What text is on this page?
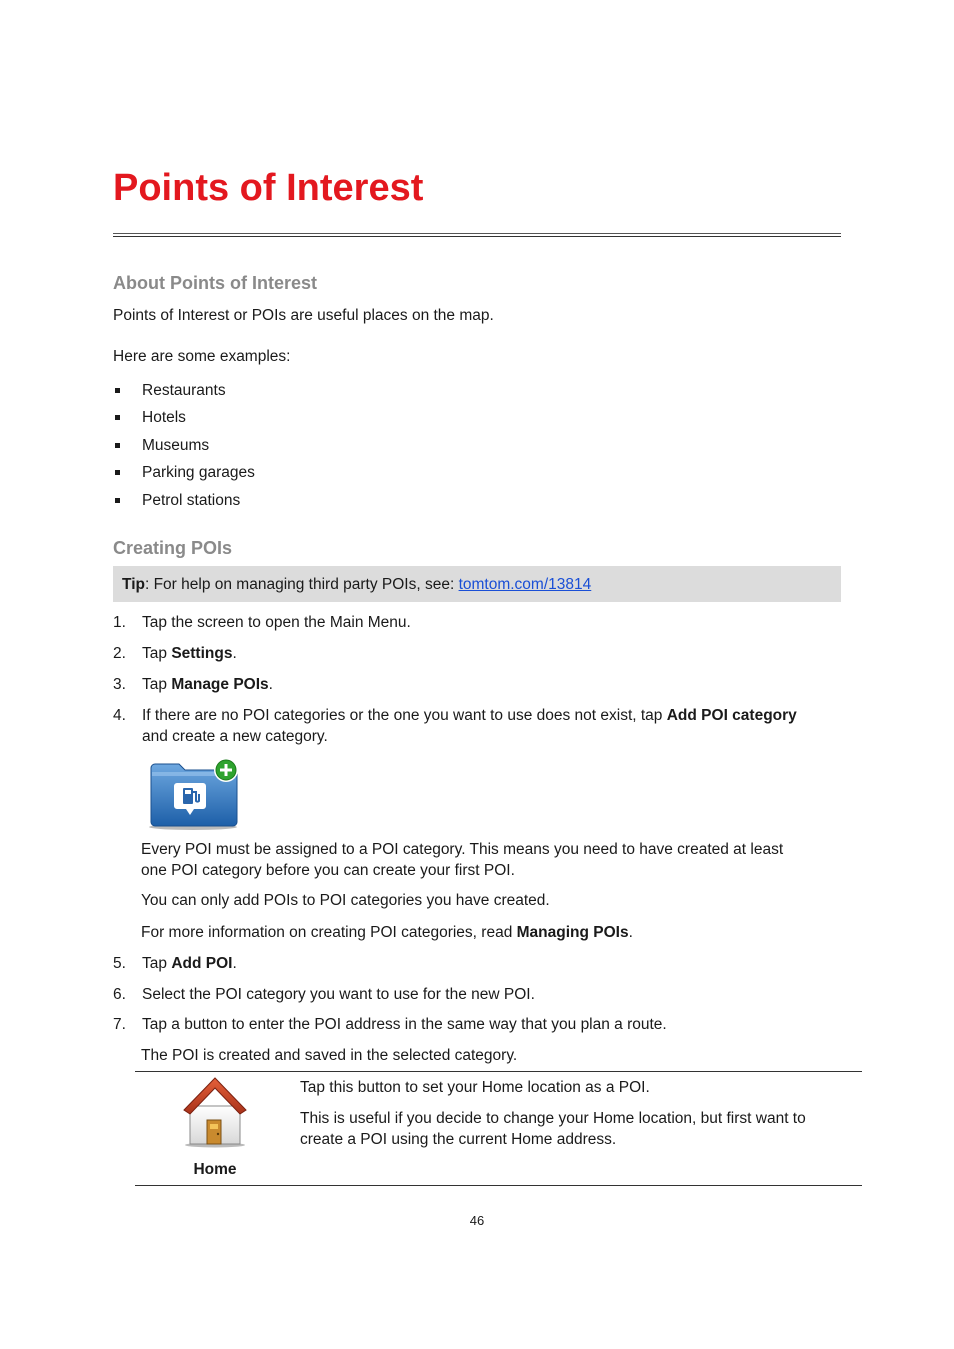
Points of Interest
About Points of Interest

Points of Interest or POIs are useful places on the map.

Here are some examples:

Restaurants
Hotels
Museums
Parking garages
Petrol stations
Creating POIs
Tip: For help on managing third party POIs, see: tomtom.com/13814
1. Tap the screen to open the Main Menu.
2. Tap Settings.
3. Tap Manage POIs.
4. If there are no POI categories or the one you want to use does not exist, tap Add POI category
and create a new category.

Every POI must be assigned to a POI category. This means you need to have created at least

one POI category before you can create your first POI.

You can only add POIs to POI categories you have created.

For more information on creating POI categories, read Managing POIs.

5. Tap Add POI.
6. Select the POI category you want to use for the new POI.
7. Tap a button to enter the POI address in the same way that you plan a route.

The POI is created and saved in the selected category.

Home

Tap this button to set your Home location as a POI.

This is useful if you decide to change your Home location, but first want to

create a POI using the current Home address.

46
